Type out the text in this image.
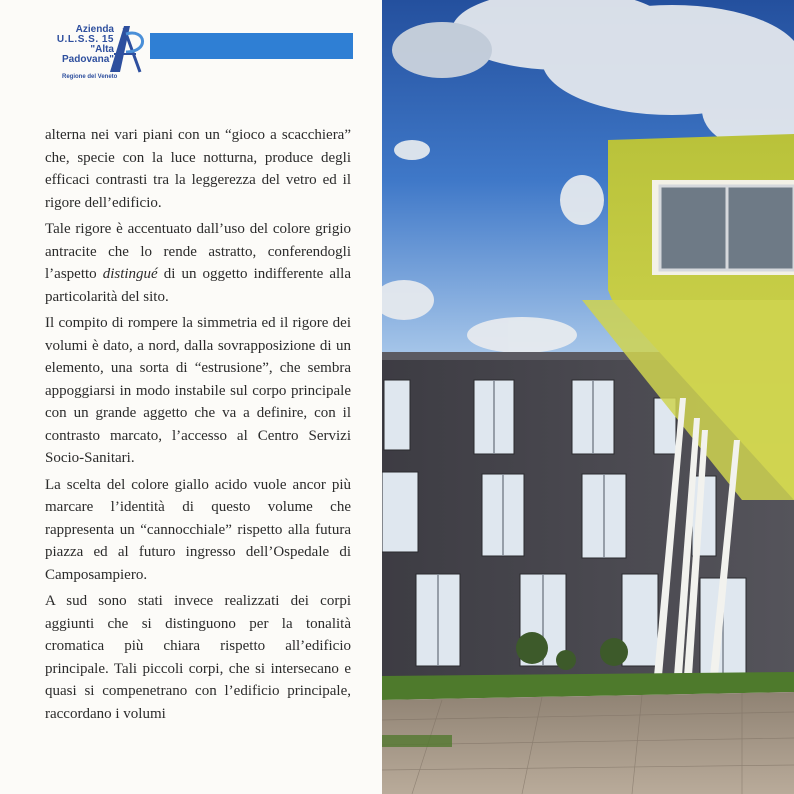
Azienda
U.L.S.S. 15
"Alta
Padovana"
Regione del Veneto

alterna nei vari piani con un “gioco a scacchiera” che, specie con la luce notturna, produce degli efficaci contrasti tra la leggerezza del vetro ed il rigore dell’edificio.

Tale rigore è accentuato dall’uso del colore grigio antracite che lo rende astratto, conferendogli l’aspetto distingué di un oggetto indifferente alla particolarità del sito.

Il compito di rompere la simmetria ed il rigore dei volumi è dato, a nord, dalla sovrapposizione di un elemento, una sorta di “estrusione”, che sembra appoggiarsi in modo instabile sul corpo principale con un grande aggetto che va a definire, con il contrasto marcato, l’accesso al Centro Servizi Socio-Sanitari.

La scelta del colore giallo acido vuole ancor più marcare l’identità di questo volume che rappresenta un “cannocchiale” rispetto alla futura piazza ed al futuro ingresso dell’Ospedale di Camposampiero.

A sud sono stati invece realizzati dei corpi aggiunti che si distinguono per la tonalità cromatica più chiara rispetto all’edificio principale. Tali piccoli corpi, che si intersecano e quasi si compenetrano con l’edificio principale, raccordano i volumi
